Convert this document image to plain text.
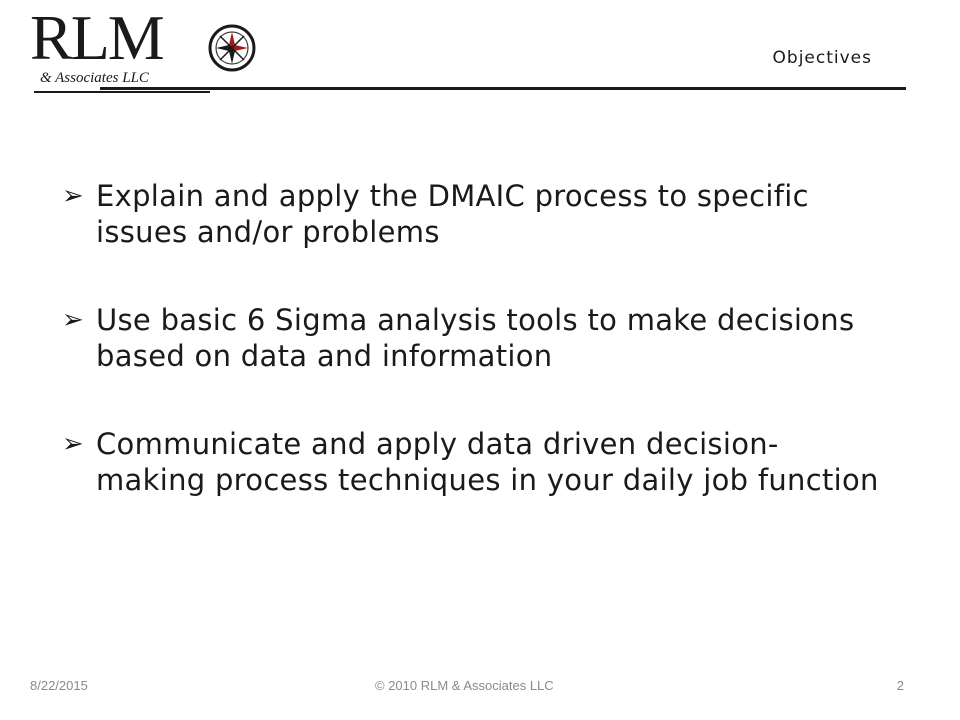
RLM
& Associates LLC
Objectives
➢ Explain and apply the DMAIC process to specific issues and/or problems
➢ Use basic 6 Sigma analysis tools to make decisions based on data and information
➢ Communicate and apply data driven decision-making process techniques in your daily job function
8/22/2015	© 2010 RLM & Associates LLC	2
